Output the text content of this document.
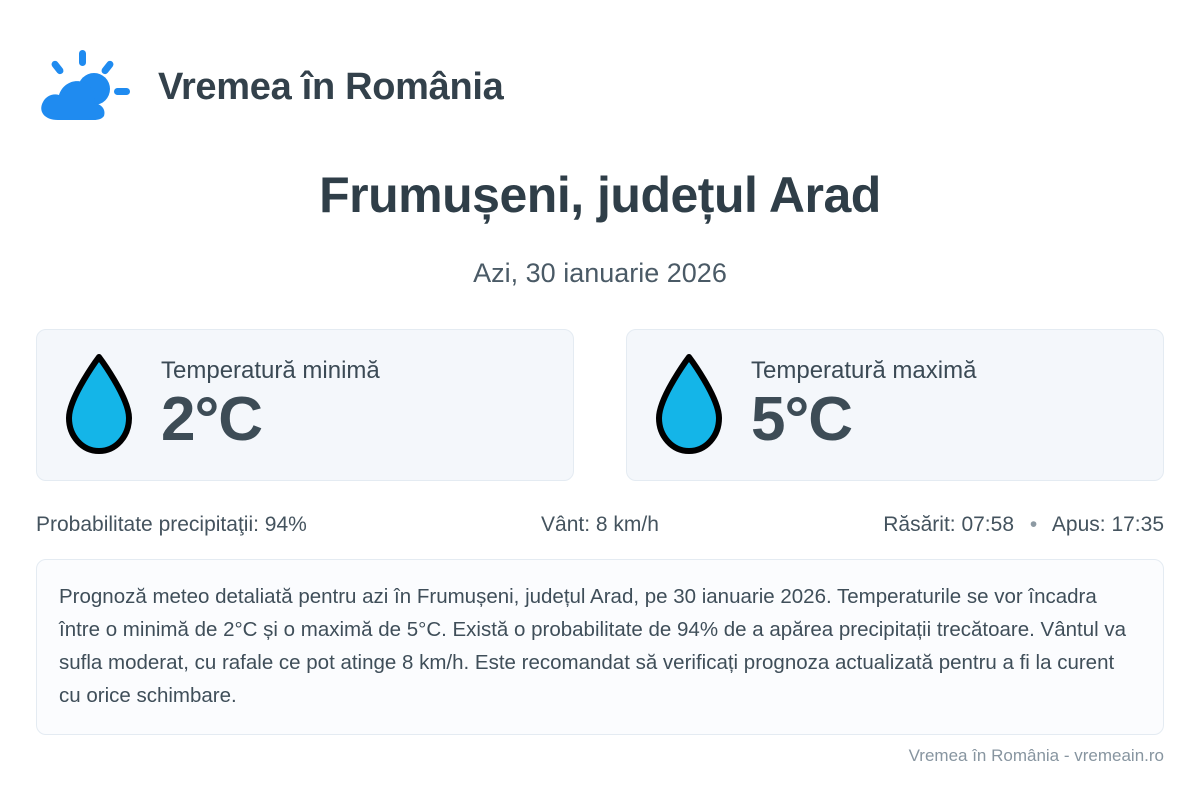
Vremea în România
Frumușeni, județul Arad
Azi, 30 ianuarie 2026
Temperatură minimă
2°C
Temperatură maximă
5°C
Probabilitate precipitaţii: 94%	Vânt: 8 km/h	Răsărit: 07:58 • Apus: 17:35
Prognoză meteo detaliată pentru azi în Frumușeni, județul Arad, pe 30 ianuarie 2026. Temperaturile se vor încadra între o minimă de 2°C și o maximă de 5°C. Există o probabilitate de 94% de a apărea precipitații trecătoare. Vântul va sufla moderat, cu rafale ce pot atinge 8 km/h. Este recomandat să verificați prognoza actualizată pentru a fi la curent cu orice schimbare.
Vremea în România - vremeain.ro
